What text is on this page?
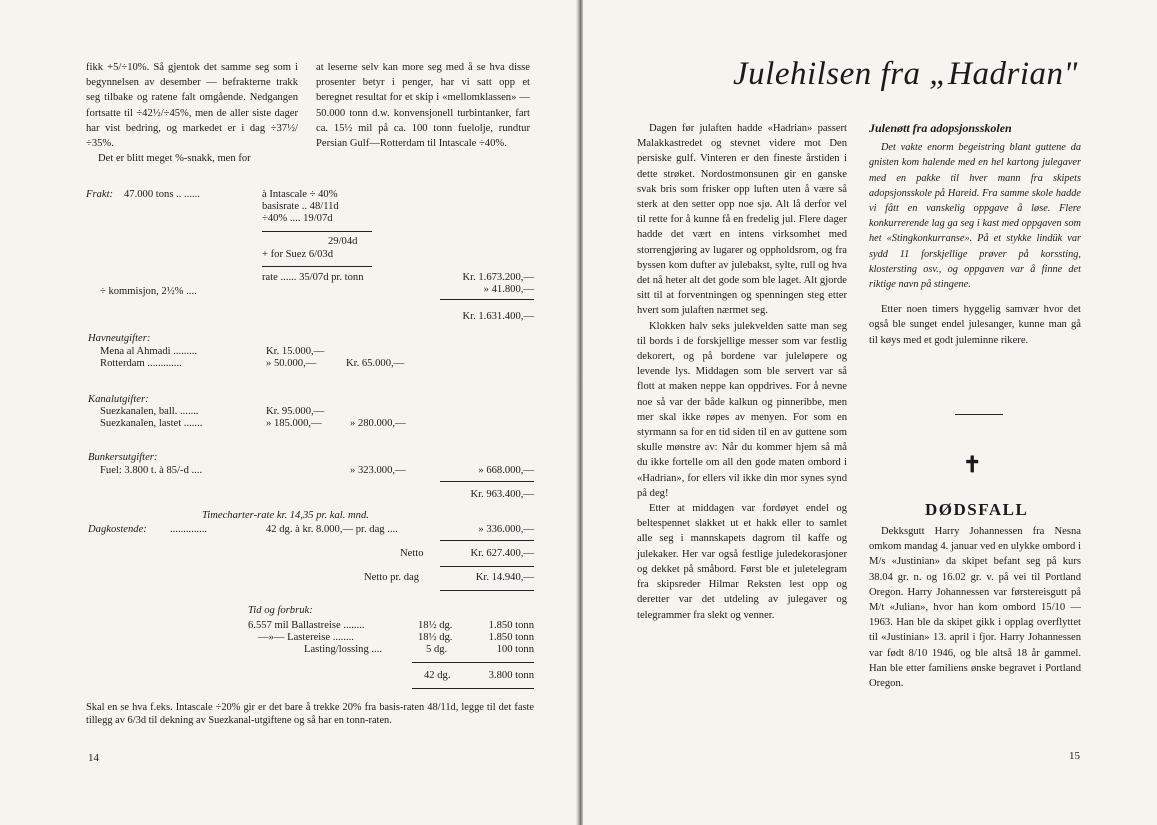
fikk +5/÷10%. Så gjentok det samme seg som i begynnelsen av desember — befrakterne trakk seg tilbake og ratene falt omgående. Nedgangen fortsatte til ÷42½/÷45%, men de aller siste dager har vist bedring, og markedet er i dag ÷37½/÷35%.

Det er blitt meget %-snakk, men for

at leserne selv kan more seg med å se hva disse prosenter betyr i penger, har vi satt opp et beregnet resultat for et skip i «mellomklassen» — 50.000 tonn d.w. konvensjonell turbintanker, fart ca. 15½ mil på ca. 100 tonn fuelolje, rundtur Persian Gulf—Rotterdam til Intascale ÷40%.

Frakt: 47.000 tons .. ......	à Intascale ÷ 40%
basisrate .. 48/11d
÷40% .... 19/07d
29/04d
+ for Suez 6/03d
rate ...... 35/07d pr. tonn	Kr. 1.673.200,—
÷ kommisjon, 2½% ....	» 41.800,—
Kr. 1.631.400,—
Havneutgifter:
Mena al Ahmadi .........	Kr. 15.000,—
Rotterdam .............	» 50.000,—	Kr. 65.000,—
Kanalutgifter:
Suezkanalen, ball. .......	Kr. 95.000,—
Suezkanalen, lastet .......	» 185.000,—	» 280.000,—
Bunkersutgifter:
Fuel: 3.800 t. à 85/-d ....	» 323.000,—	» 668.000,—
Kr. 963.400,—
Timecharter-rate kr. 14,35 pr. kal. mnd.
Dagkostende: ..............	42 dg. à kr. 8.000,— pr. dag ....	» 336.000,—
Netto	Kr. 627.400,—
Netto pr. dag	Kr. 14.940,—
Tid og forbruk:
6.557 mil Ballastreise ........	18½ dg.	1.850 tonn
—»— Lastereise ........	18½ dg.	1.850 tonn
Lasting/lossing ....	5 dg.	100 tonn
42 dg.	3.800 tonn

Skal en se hva f.eks. Intascale ÷20% gir er det bare å trekke 20% fra basis-raten 48/11d, legge til det faste tillegg av 6/3d til dekning av Suezkanal-utgiftene og så har en tonn-raten.

14
Julehilsen fra „Hadrian"

Dagen før julaften hadde «Hadrian» passert Malakkastredet og stevnet videre mot Den persiske gulf. Vinteren er den fineste årstiden i dette strøket. Nordostmonsunen gir en ganske svak bris som frisker opp luften uten å være så sterk at den setter opp noe sjø. Alt lå derfor vel til rette for å kunne få en fredelig jul. Flere dager hadde det vært en intens virksomhet med storrengjøring av lugarer og oppholdsrom, og fra byssen kom dufter av julebakst, sylte, rull og hva det nå heter alt det gode som ble laget. Alt gjorde sitt til at forventningen og spenningen steg etter hvert som julaften nærmet seg.

Klokken halv seks julekvelden satte man seg til bords i de forskjellige messer som var festlig dekorert, og på bordene var juleløpere og levende lys. Middagen som ble servert var så flott at maken neppe kan oppdrives. For å nevne noe så var der både kalkun og pinneribbe, men mer skal ikke røpes av menyen. For som en styrmann sa for en tid siden til en av guttene som skulle mønstre av: Når du kommer hjem så må du ikke fortelle om all den gode maten ombord i «Hadrian», for ellers vil ikke din mor synes synd på deg!

Etter at middagen var fordøyet endel og beltespennet slakket ut et hakk eller to samlet alle seg i mannskapets dagrom til kaffe og julekaker. Her var også festlige juledekorasjoner og dekket på småbord. Først ble et juletelegram fra skipsreder Hilmar Reksten lest opp og deretter var det utdeling av julegaver og telegrammer fra slekt og venner.

Julenøtt fra adopsjonsskolen

Det vakte enorm begeistring blant guttene da gnisten kom halende med en hel kartong julegaver med en pakke til hver mann fra skipets adopsjonsskole på Hareid. Fra samme skole hadde vi fått en vanskelig oppgave å løse. Flere konkurrerende lag ga seg i kast med oppgaven som het «Stingkonkurranse». På et stykke lindük var sydd 11 forskjellige prøver på korssting, klostersting osv., og oppgaven var å finne det riktige navn på stingene.

Etter noen timers hyggelig samvær hvor det også ble sunget endel julesanger, kunne man gå til køys med et godt juleminne rikere.

✝
DØDSFALL

Dekksgutt Harry Johannessen fra Nesna omkom mandag 4. januar ved en ulykke ombord i M/s «Justinian» da skipet befant seg på kurs 38.04 gr. n. og 16.02 gr. v. på vei til Portland Oregon. Harry Johannessen var førstereisgutt på M/t «Julian», hvor han kom ombord 15/10 — 1963. Han ble da skipet gikk i opplag overflyttet til «Justinian» 13. april i fjor. Harry Johannessen var født 8/10 1946, og ble altså 18 år gammel. Han ble etter familiens ønske begravet i Portland Oregon.

15
